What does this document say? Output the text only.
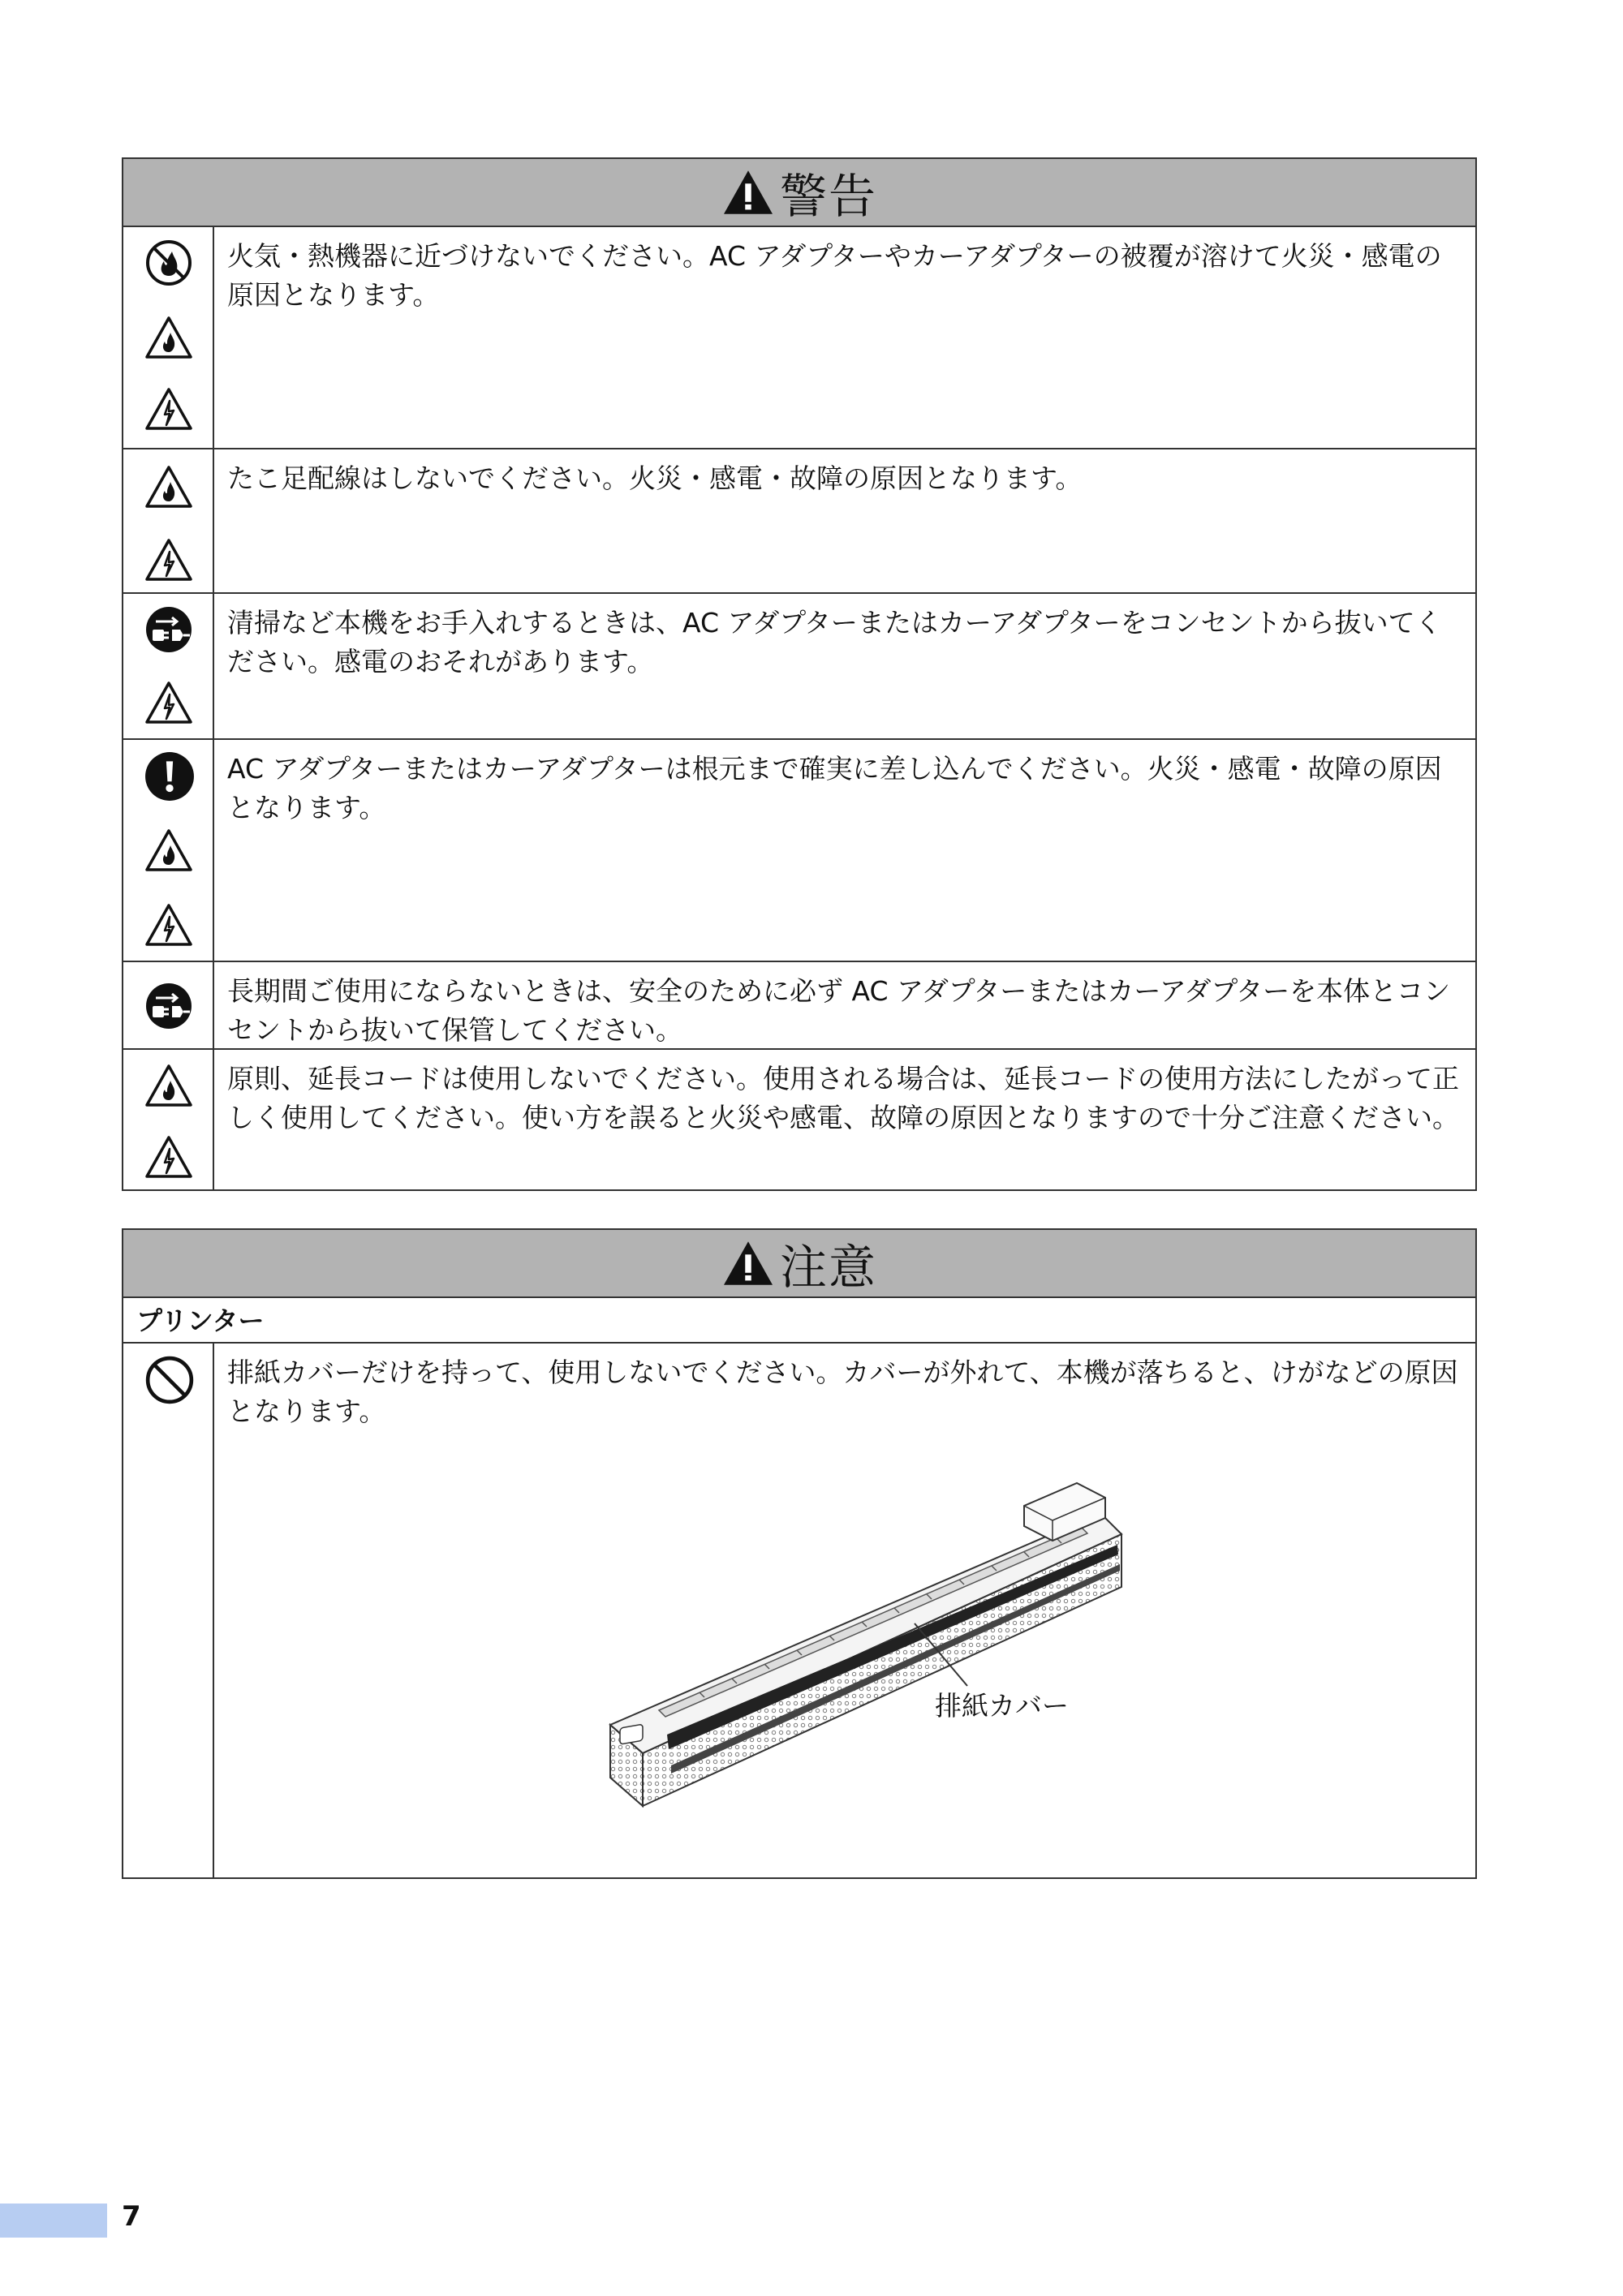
警告
火気・熱機器に近づけないでください。AC アダプターやカーアダプターの被覆が溶けて火災・感電の原因となります。
たこ足配線はしないでください。火災・感電・故障の原因となります。
清掃など本機をお手入れするときは、AC アダプターまたはカーアダプターをコンセントから抜いてください。感電のおそれがあります。
AC アダプターまたはカーアダプターは根元まで確実に差し込んでください。火災・感電・故障の原因となります。
長期間ご使用にならないときは、安全のために必ず AC アダプターまたはカーアダプターを本体とコンセントから抜いて保管してください。
原則、延長コードは使用しないでください。使用される場合は、延長コードの使用方法にしたがって正しく使用してください。使い方を誤ると火災や感電、故障の原因となりますので十分ご注意ください。
注意
プリンター
排紙カバーだけを持って、使用しないでください。カバーが外れて、本機が落ちると、けがなどの原因となります。
排紙カバー
7
